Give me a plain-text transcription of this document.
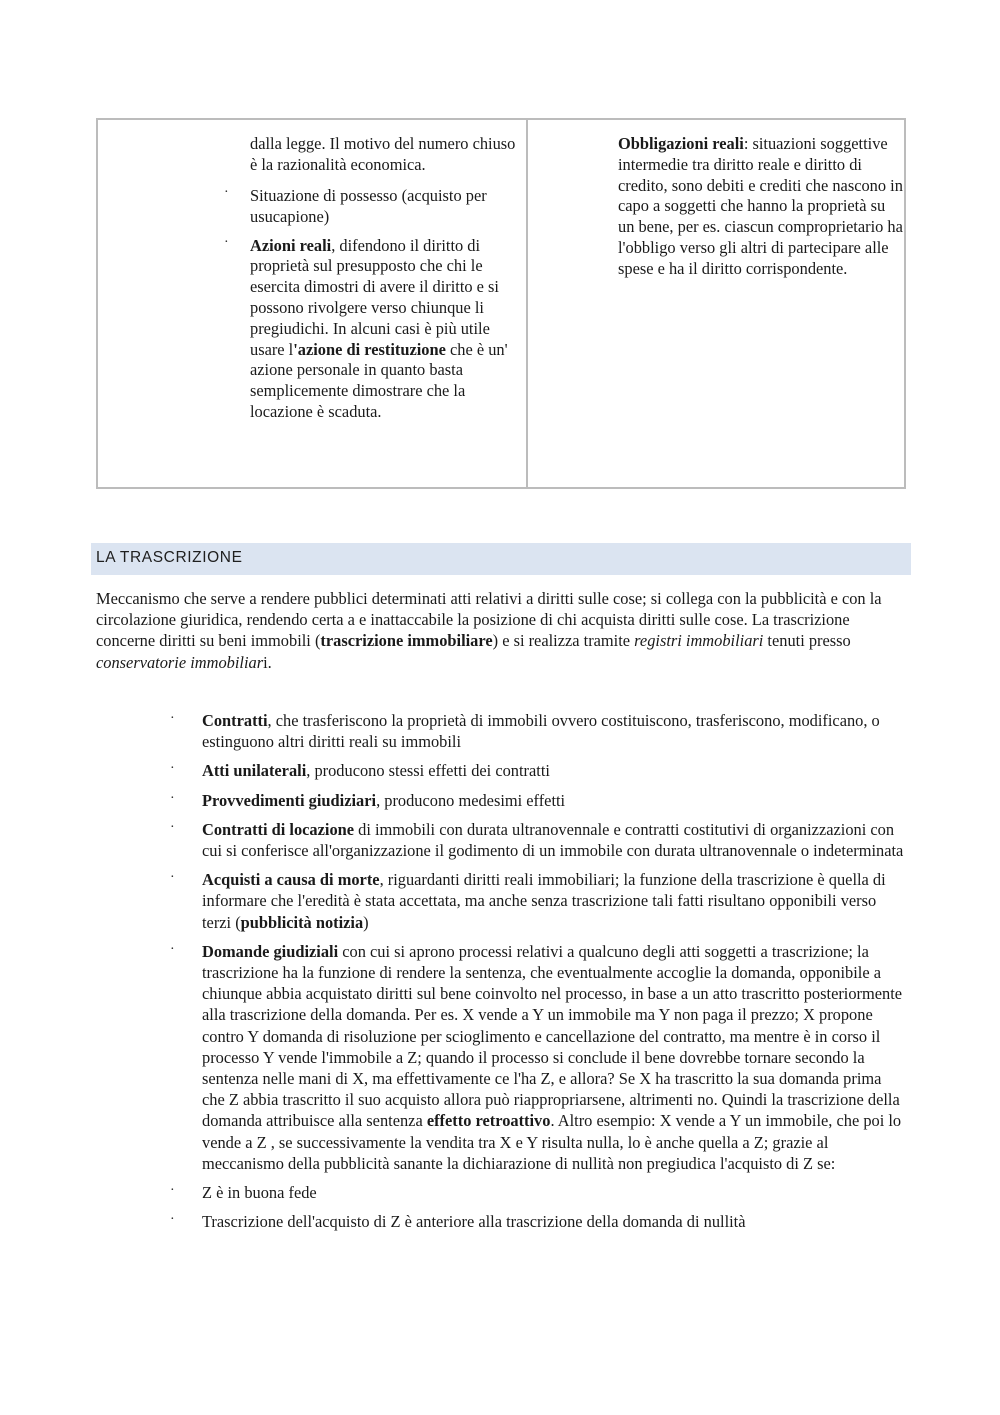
dalla legge. Il motivo del numero chiuso è la razionalità economica.
· Situazione di possesso (acquisto per usucapione)
· Azioni reali, difendono il diritto di proprietà sul presupposto che chi le esercita dimostri di avere il diritto e si possono rivolgere verso chiunque li pregiudichi. In alcuni casi è più utile usare l'azione di restituzione che è un' azione personale in quanto basta semplicemente dimostrare che la locazione è scaduta.
Obbligazioni reali: situazioni soggettive intermedie tra diritto reale e diritto di credito, sono debiti e crediti che nascono in capo a soggetti che hanno la proprietà su un bene, per es. ciascun comproprietario ha l'obbligo verso gli altri di partecipare alle spese e ha il diritto corrispondente.
LA TRASCRIZIONE
Meccanismo che serve a rendere pubblici determinati atti relativi a diritti sulle cose; si collega con la pubblicità e con la circolazione giuridica, rendendo certa a e inattaccabile la posizione di chi acquista diritti sulle cose. La trascrizione concerne diritti su beni immobili (trascrizione immobiliare) e si realizza tramite registri immobiliari tenuti presso conservatorie immobiliari.
· Contratti, che trasferiscono la proprietà di immobili ovvero costituiscono, trasferiscono, modificano, o estinguono altri diritti reali su immobili
· Atti unilaterali, producono stessi effetti dei contratti
· Provvedimenti giudiziari, producono medesimi effetti
· Contratti di locazione di immobili con durata ultranovennale e contratti costitutivi di organizzazioni con cui si conferisce all'organizzazione il godimento di un immobile con durata ultranovennale o indeterminata
· Acquisti a causa di morte, riguardanti diritti reali immobiliari; la funzione della trascrizione è quella di informare che l'eredità è stata accettata, ma anche senza trascrizione tali fatti risultano opponibili verso terzi (pubblicità notizia)
· Domande giudiziali con cui si aprono processi relativi a qualcuno degli atti soggetti a trascrizione; la trascrizione ha la funzione di rendere la sentenza, che eventualmente accoglie la domanda, opponibile a chiunque abbia acquistato diritti sul bene coinvolto nel processo, in base a un atto trascritto posteriormente alla trascrizione della domanda. Per es. X vende a Y un immobile ma Y non paga il prezzo; X propone contro Y domanda di risoluzione per scioglimento e cancellazione del contratto, ma mentre è in corso il processo Y vende l'immobile a Z; quando il processo si conclude il bene dovrebbe tornare secondo la sentenza nelle mani di X, ma effettivamente ce l'ha Z, e allora? Se X ha trascritto la sua domanda prima che Z abbia trascritto il suo acquisto allora può riappropriarsene, altrimenti no. Quindi la trascrizione della domanda attribuisce alla sentenza effetto retroattivo. Altro esempio: X vende a Y un immobile, che poi lo vende a Z , se successivamente la vendita tra X e Y risulta nulla, lo è anche quella a Z; grazie al meccanismo della pubblicità sanante la dichiarazione di nullità non pregiudica l'acquisto di Z se:
· Z è in buona fede
· Trascrizione dell'acquisto di Z è anteriore alla trascrizione della domanda di nullità
